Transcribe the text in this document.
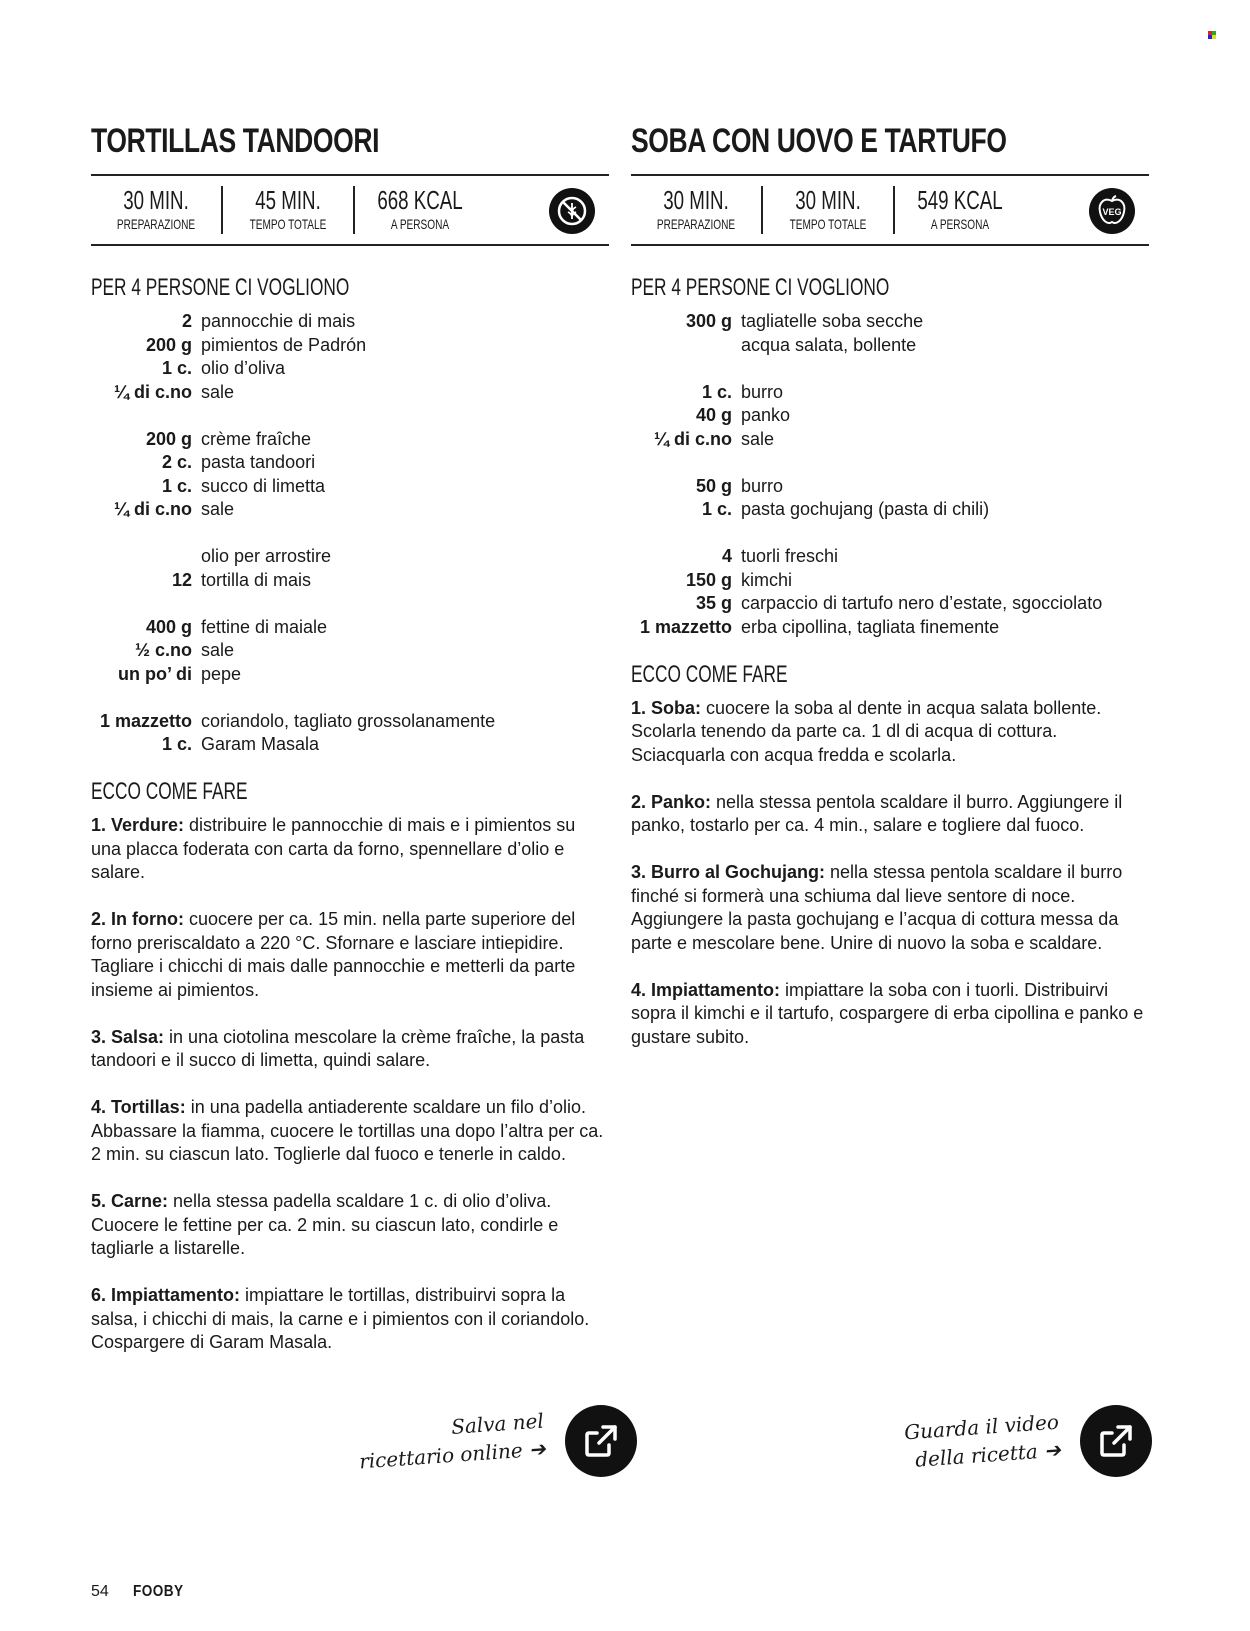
TORTILLAS TANDOORI
30 MIN.
PREPARAZIONE
45 MIN.
TEMPO TOTALE
668 KCAL
A PERSONA
PER 4 PERSONE CI VOGLIONO
2 pannocchie di mais
200 g pimientos de Padrón
1 c. olio d’oliva
¼ di c.no sale
200 g crème fraîche
2 c. pasta tandoori
1 c. succo di limetta
¼ di c.no sale
olio per arrostire
12 tortilla di mais
400 g fettine di maiale
½ c.no sale
un po’ di pepe
1 mazzetto coriandolo, tagliato grossolanamente
1 c. Garam Masala
ECCO COME FARE

1. Verdure: distribuire le pannocchie di mais e i pimientos su una placca foderata con carta da forno, spennellare d’olio e salare.

2. In forno: cuocere per ca. 15 min. nella parte superiore del forno preriscaldato a 220 °C. Sfornare e lasciare intiepidire. Tagliare i chicchi di mais dalle pannocchie e metterli da parte insieme ai pimientos.

3. Salsa: in una ciotolina mescolare la crème fraîche, la pasta tandoori e il succo di limetta, quindi salare.

4. Tortillas: in una padella antiaderente scaldare un filo d’olio. Abbassare la fiamma, cuocere le tortillas una dopo l’altra per ca. 2 min. su ciascun lato. Toglierle dal fuoco e tenerle in caldo.

5. Carne: nella stessa padella scaldare 1 c. di olio d’oliva. Cuocere le fettine per ca. 2 min. su ciascun lato, condirle e tagliarle a listarelle.

6. Impiattamento: impiattare le tortillas, distribuirvi sopra la salsa, i chicchi di mais, la carne e i pimientos con il coriandolo. Cospargere di Garam Masala.

SOBA CON UOVO E TARTUFO
30 MIN.
PREPARAZIONE
30 MIN.
TEMPO TOTALE
549 KCAL
A PERSONA
VEG
PER 4 PERSONE CI VOGLIONO
300 g tagliatelle soba secche
acqua salata, bollente
1 c. burro
40 g panko
¼ di c.no sale
50 g burro
1 c. pasta gochujang (pasta di chili)
4 tuorli freschi
150 g kimchi
35 g carpaccio di tartufo nero d’estate, sgocciolato
1 mazzetto erba cipollina, tagliata finemente
ECCO COME FARE

1. Soba: cuocere la soba al dente in acqua salata bollente. Scolarla tenendo da parte ca. 1 dl di acqua di cottura. Sciacquarla con acqua fredda e scolarla.

2. Panko: nella stessa pentola scaldare il burro. Aggiungere il panko, tostarlo per ca. 4 min., salare e togliere dal fuoco.

3. Burro al Gochujang: nella stessa pentola scaldare il burro finché si formerà una schiuma dal lieve sentore di noce. Aggiungere la pasta gochujang e l’acqua di cottura messa da parte e mescolare bene. Unire di nuovo la soba e scaldare.

4. Impiattamento: impiattare la soba con i tuorli. Distribuirvi sopra il kimchi e il tartufo, cospargere di erba cipollina e panko e gustare subito.

Salva nel
ricettario online ➔
Guarda il video
della ricetta ➔
54 FOOBY
